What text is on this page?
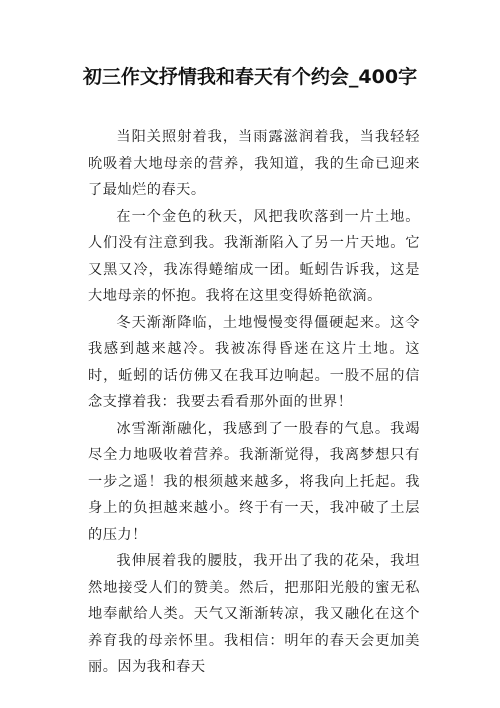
初三作文抒情我和春天有个约会_400字

当阳关照射着我，当雨露滋润着我，当我轻轻吮吸着大地母亲的营养，我知道，我的生命已迎来了最灿烂的春天。

在一个金色的秋天，风把我吹落到一片土地。人们没有注意到我。我渐渐陷入了另一片天地。它又黑又冷，我冻得蜷缩成一团。蚯蚓告诉我，这是大地母亲的怀抱。我将在这里变得娇艳欲滴。

冬天渐渐降临，土地慢慢变得僵硬起来。这令我感到越来越冷。我被冻得昏迷在这片土地。这时，蚯蚓的话仿佛又在我耳边响起。一股不屈的信念支撑着我：我要去看看那外面的世界！

冰雪渐渐融化，我感到了一股春的气息。我竭尽全力地吸收着营养。我渐渐觉得，我离梦想只有一步之遥！我的根须越来越多，将我向上托起。我身上的负担越来越小。终于有一天，我冲破了土层的压力！

我伸展着我的腰肢，我开出了我的花朵，我坦然地接受人们的赞美。然后，把那阳光般的蜜无私地奉献给人类。天气又渐渐转凉，我又融化在这个养育我的母亲怀里。我相信：明年的春天会更加美丽。因为我和春天
